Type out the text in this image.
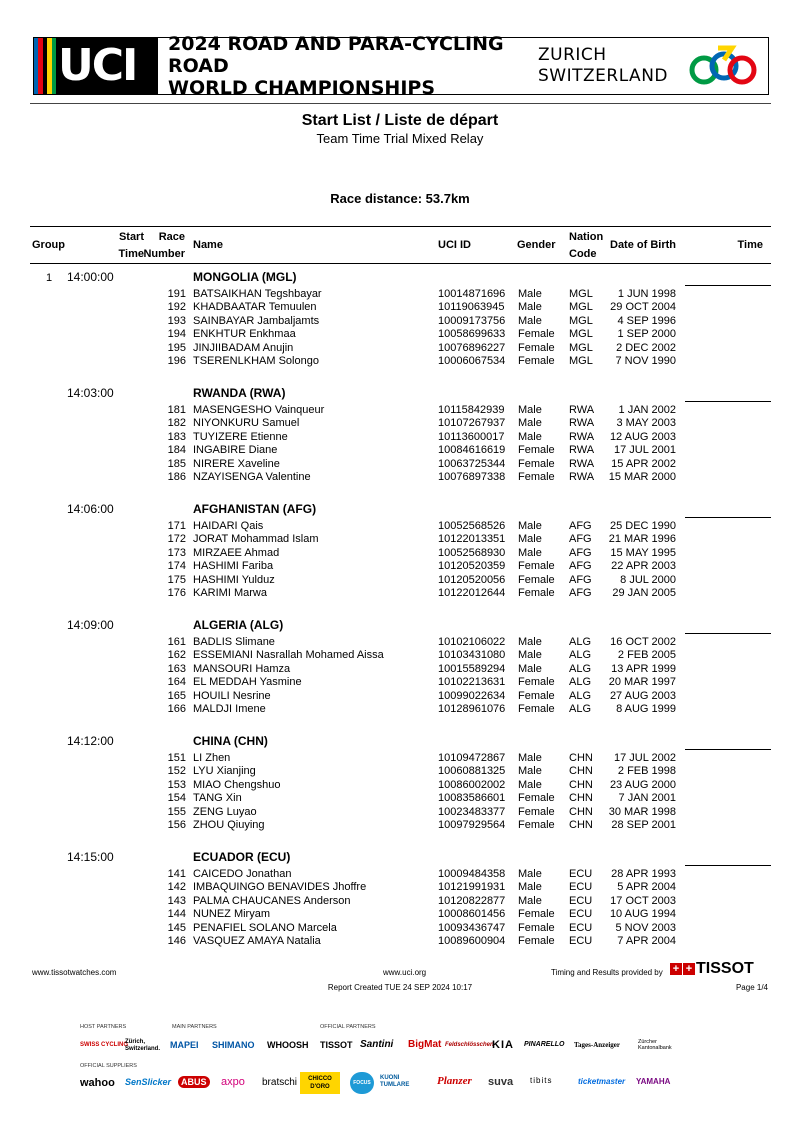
UCI 2024 ROAD AND PARA-CYCLING ROAD
WORLD CHAMPIONSHIPS
ZURICH
SWITZERLAND
Start List / Liste de départ
Team Time Trial Mixed Relay
Race distance: 53.7km
Group
Start
Time
Race
Number
Name	UCI ID	Gender
Nation
Code
Date of Birth	Time
1 14:00:00	MONGOLIA (MGL)
191 BATSAIKHAN Tegshbayar	10014871696 Male MGL 1 JUN 1998
192 KHADBAATAR Temuulen	10119063945 Male MGL 29 OCT 2004
193 SAINBAYAR Jambaljamts	10009173756 Male MGL 4 SEP 1996
194 ENKHTUR Enkhmaa	10058699633 Female MGL 1 SEP 2000
195 JINJIIBADAM Anujin	10076896227 Female MGL 2 DEC 2002
196 TSERENLKHAM Solongo	10006067534 Female MGL 7 NOV 1990
14:03:00	RWANDA (RWA)
181 MASENGESHO Vainqueur	10115842939 Male RWA 1 JAN 2002
182 NIYONKURU Samuel	10107267937 Male RWA 3 MAY 2003
183 TUYIZERE Etienne	10113600017 Male RWA 12 AUG 2003
184 INGABIRE Diane	10084616619 Female RWA 17 JUL 2001
185 NIRERE Xaveline	10063725344 Female RWA 15 APR 2002
186 NZAYISENGA Valentine	10076897338 Female RWA 15 MAR 2000
14:06:00	AFGHANISTAN (AFG)
171 HAIDARI Qais	10052568526 Male AFG 25 DEC 1990
172 JORAT Mohammad Islam	10122013351 Male AFG 21 MAR 1996
173 MIRZAEE Ahmad	10052568930 Male AFG 15 MAY 1995
174 HASHIMI Fariba	10120520359 Female AFG 22 APR 2003
175 HASHIMI Yulduz	10120520056 Female AFG	8 JUL 2000
176 KARIMI Marwa	10122012644 Female AFG 29 JAN 2005
14:09:00	ALGERIA (ALG)
161 BADLIS Slimane	10102106022 Male ALG 16 OCT 2002
162 ESSEMIANI Nasrallah Mohamed Aissa	10103431080 Male ALG 2 FEB 2005
163 MANSOURI Hamza	10015589294 Male ALG 13 APR 1999
164 EL MEDDAH Yasmine	10102213631 Female ALG 20 MAR 1997
165 HOUILI Nesrine	10099022634 Female ALG 27 AUG 2003
166 MALDJI Imene	10128961076 Female ALG 8 AUG 1999
14:12:00	CHINA (CHN)
151 LI Zhen	10109472867 Male CHN 17 JUL 2002
152 LYU Xianjing	10060881325 Male CHN 2 FEB 1998
153 MIAO Chengshuo	10086002002 Male CHN 23 AUG 2000
154 TANG Xin	10083586601 Female CHN 7 JAN 2001
155 ZENG Luyao	10023483377 Female CHN 30 MAR 1998
156 ZHOU Qiuying	10097929564 Female CHN 28 SEP 2001
14:15:00	ECUADOR (ECU)
141 CAICEDO Jonathan	10009484358 Male ECU 28 APR 1993
142 IMBAQUINGO BENAVIDES Jhoffre	10121991931 Male ECU 5 APR 2004
143 PALMA CHAUCANES Anderson	10120822877 Male ECU 17 OCT 2003
144 NUNEZ Miryam	10008601456 Female ECU 10 AUG 1994
145 PENAFIEL SOLANO Marcela	10093436747 Female ECU 5 NOV 2003
146 VASQUEZ AMAYA Natalia	10089600904 Female ECU 7 APR 2004
www.tissotwatches.com	www.uci.org	Timing and Results provided by + + TISSOT
Report Created TUE 24 SEP 2024 10:17	Page 1/4
HOST PARTNERS	MAIN PARTNERS	OFFICIAL PARTNERS
OFFICIAL SUPPLIERS
SWISS CYCLING
Zürich, Switzerland. MAPEI SHIMANO WHOOSH TISSOT Santini BigMat Feldschlösschen
KIA PINARELLO Tages-Anzeiger	Zürcher Kantonalbank
wahoo SenSlicker	ABUS axpo bratschi	CHICCO D'ORO
FOCUS
KUONI TUMLARE	Planzer suva tibits	ticketmaster YAMAHA
